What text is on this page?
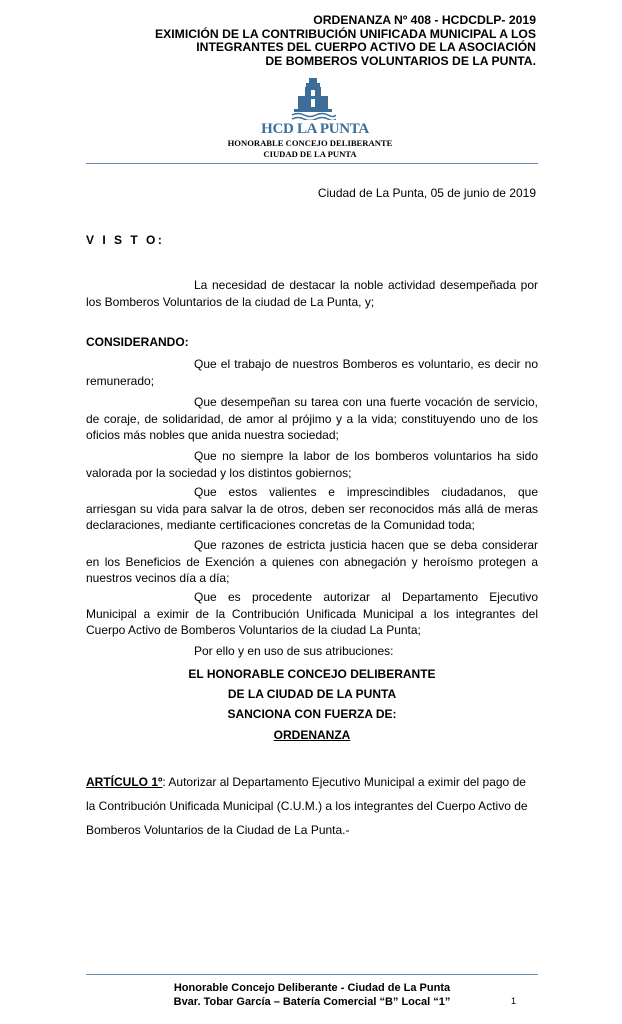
ORDENANZA Nº 408 - HCDCDLP- 2019
EXIMICIÓN DE LA CONTRIBUCIÓN UNIFICADA MUNICIPAL A LOS
INTEGRANTES DEL CUERPO ACTIVO DE LA ASOCIACIÓN
DE BOMBEROS VOLUNTARIOS DE LA PUNTA.
HCD LA PUNTA
HONORABLE CONCEJO DELIBERANTE
CIUDAD DE LA PUNTA
Ciudad de La Punta, 05 de junio de 2019
V I S T O:
La necesidad de destacar la noble actividad desempeñada por los Bomberos Voluntarios de la ciudad de La Punta, y;
CONSIDERANDO:
Que el trabajo de nuestros Bomberos es voluntario, es decir no remunerado;
Que desempeñan su tarea con una fuerte vocación de servicio, de coraje, de solidaridad, de amor al prójimo y a la vida; constituyendo uno de los oficios más nobles que anida nuestra sociedad;
Que no siempre la labor de los bomberos voluntarios ha sido valorada por la sociedad y los distintos gobiernos;
Que estos valientes e imprescindibles ciudadanos, que arriesgan su vida para salvar la de otros, deben ser reconocidos más allá de meras declaraciones, mediante certificaciones concretas de la Comunidad toda;
Que razones de estricta justicia hacen que se deba considerar en los Beneficios de Exención a quienes con abnegación y heroísmo protegen a nuestros vecinos día a día;
Que es procedente autorizar al Departamento Ejecutivo Municipal a eximir de la Contribución Unificada Municipal a los integrantes del Cuerpo Activo de Bomberos Voluntarios de la ciudad La Punta;
Por ello y en uso de sus atribuciones:
EL HONORABLE CONCEJO DELIBERANTE
DE LA CIUDAD DE LA PUNTA
SANCIONA CON FUERZA DE:
ORDENANZA
ARTÍCULO 1º: Autorizar al Departamento Ejecutivo Municipal a eximir del pago de la Contribución Unificada Municipal (C.U.M.) a los integrantes del Cuerpo Activo de Bomberos Voluntarios de la Ciudad de La Punta.-
Honorable Concejo Deliberante - Ciudad de La Punta
Bvar. Tobar García – Batería Comercial “B” Local “1”	1
